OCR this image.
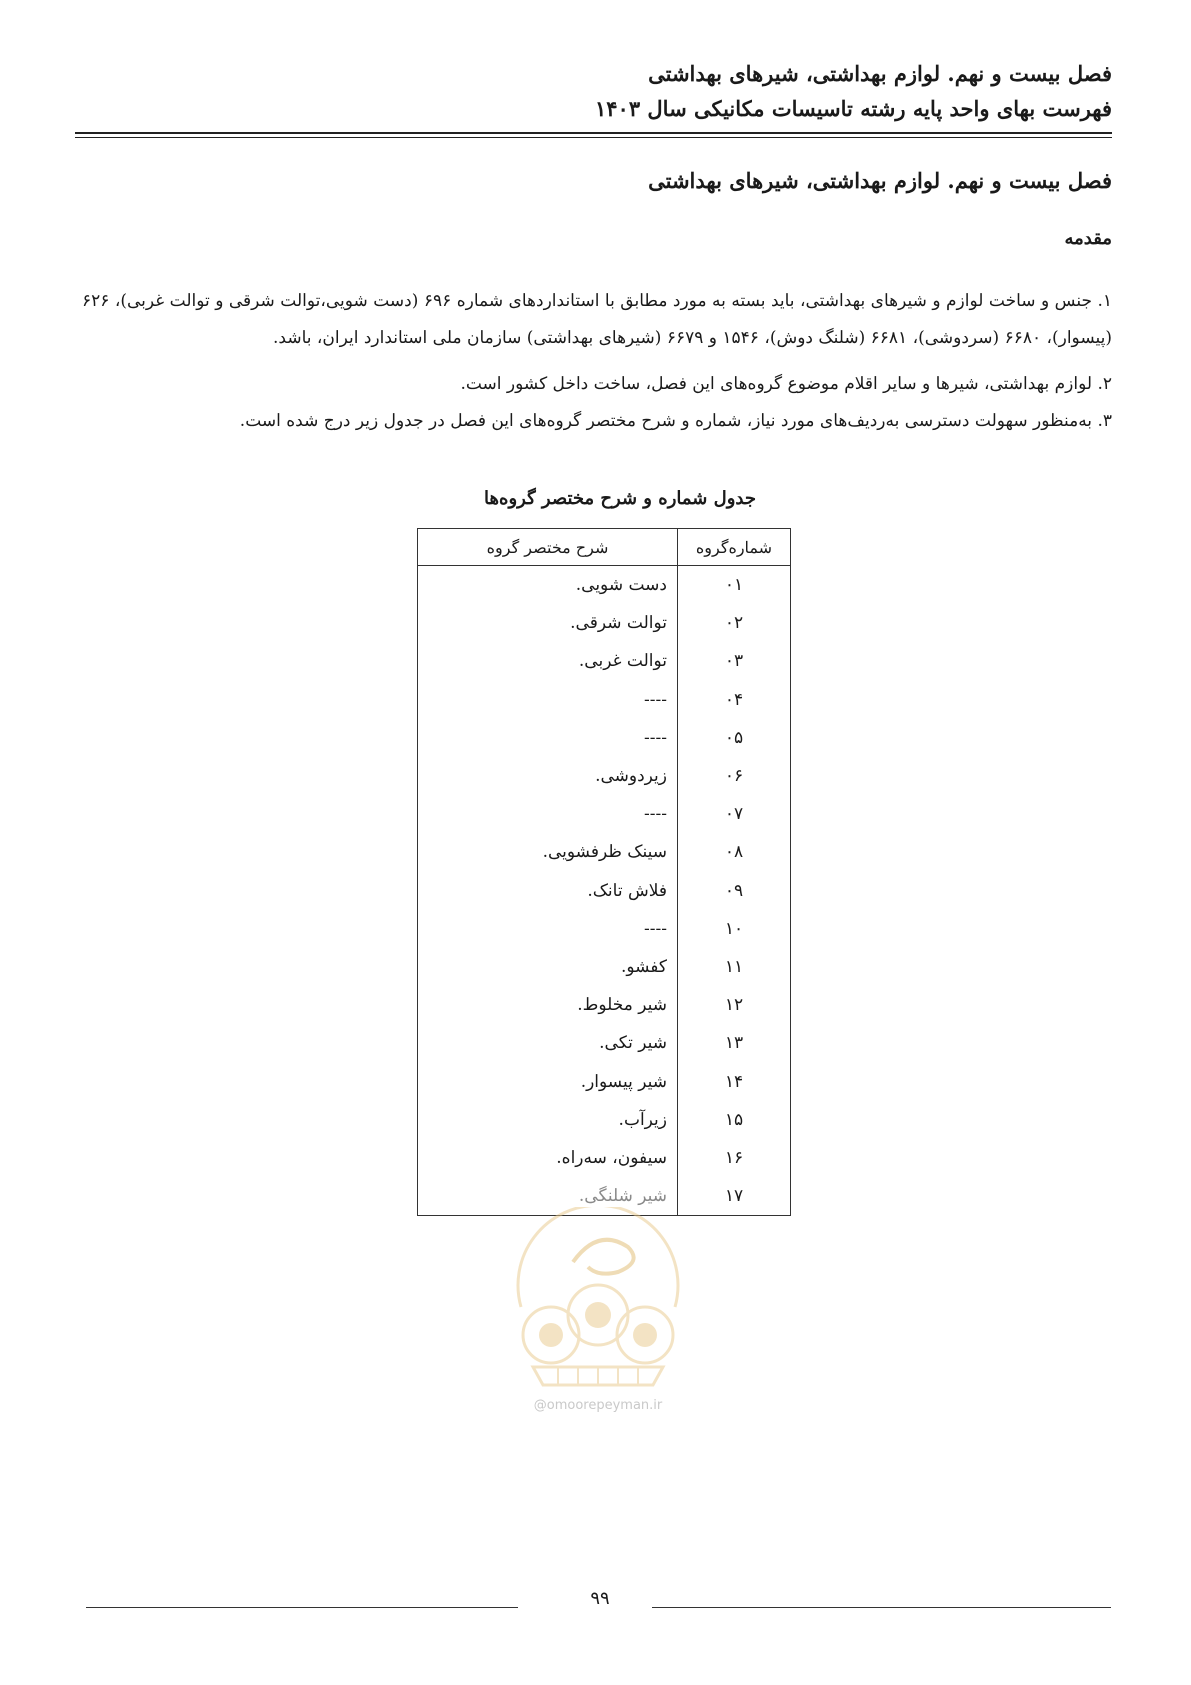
فصل بیست و نهم. لوازم بهداشتی، شیرهای بهداشتی
فهرست بهای واحد پایه رشته تاسیسات مکانیکی سال ۱۴۰۳
فصل بیست و نهم. لوازم بهداشتی، شیرهای بهداشتی
مقدمه
۱. جنس و ساخت لوازم و شیرهای بهداشتی، باید بسته به مورد مطابق با استانداردهای شماره ۶۹۶ (دست شویی،توالت شرقی و توالت غربی)، ۶۲۶ (پیسوار)، ۶۶۸۰ (سردوشی)، ۶۶۸۱ (شلنگ دوش)، ۱۵۴۶ و ۶۶۷۹ (شیرهای بهداشتی) سازمان ملی استاندارد ایران، باشد.
۲. لوازم بهداشتی، شیرها و سایر اقلام موضوع گروه‌های این فصل، ساخت داخل کشور است.
۳. به‌منظور سهولت دسترسی به‌ردیف‌های مورد نیاز، شماره و شرح مختصر گروه‌های این فصل در جدول زیر درج شده است.
جدول شماره و شرح مختصر گروه‌ها
شماره‌گروه	شرح مختصر گروه
۰۱	دست شویی.
۰۲	توالت شرقی.
۰۳	توالت غربی.
۰۴	----
۰۵	----
۰۶	زیردوشی.
۰۷	----
۰۸	سینک ظرفشویی.
۰۹	فلاش تانک.
۱۰	----
۱۱	کفشو.
۱۲	شیر مخلوط.
۱۳	شیر تکی.
۱۴	شیر پیسوار.
۱۵	زیرآب.
۱۶	سیفون، سه‌راه.
۱۷	شیر شلنگی.
@omoorepeyman.ir
۹۹
